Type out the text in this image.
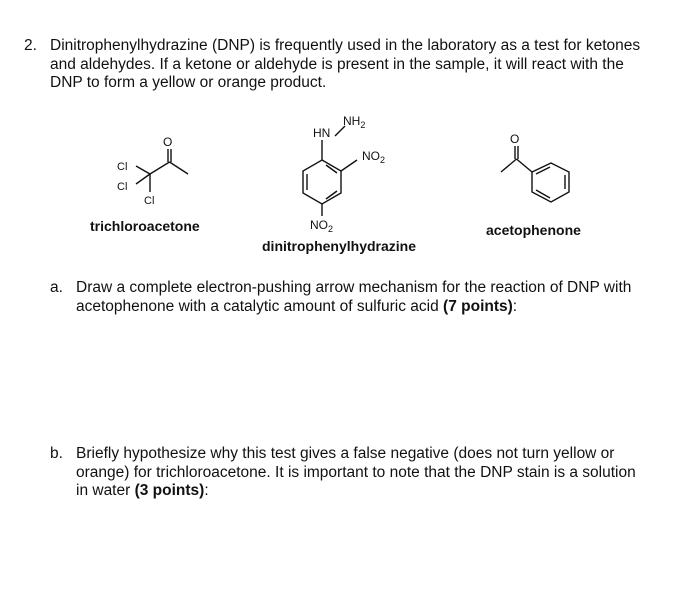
2. Dinitrophenylhydrazine (DNP) is frequently used in the laboratory as a test for ketones and aldehydes. If a ketone or aldehyde is present in the sample, it will react with the DNP to form a yellow or orange product.
O
Cl
Cl
Cl
HN
$NH_2$
$NO_2$
$NO_2$
O
trichloroacetone
dinitrophenylhydrazine
acetophenone
a. Draw a complete electron-pushing arrow mechanism for the reaction of DNP with acetophenone with a catalytic amount of sulfuric acid (7 points):
b. Briefly hypothesize why this test gives a false negative (does not turn yellow or orange) for trichloroacetone. It is important to note that the DNP stain is a solution in water (3 points):
